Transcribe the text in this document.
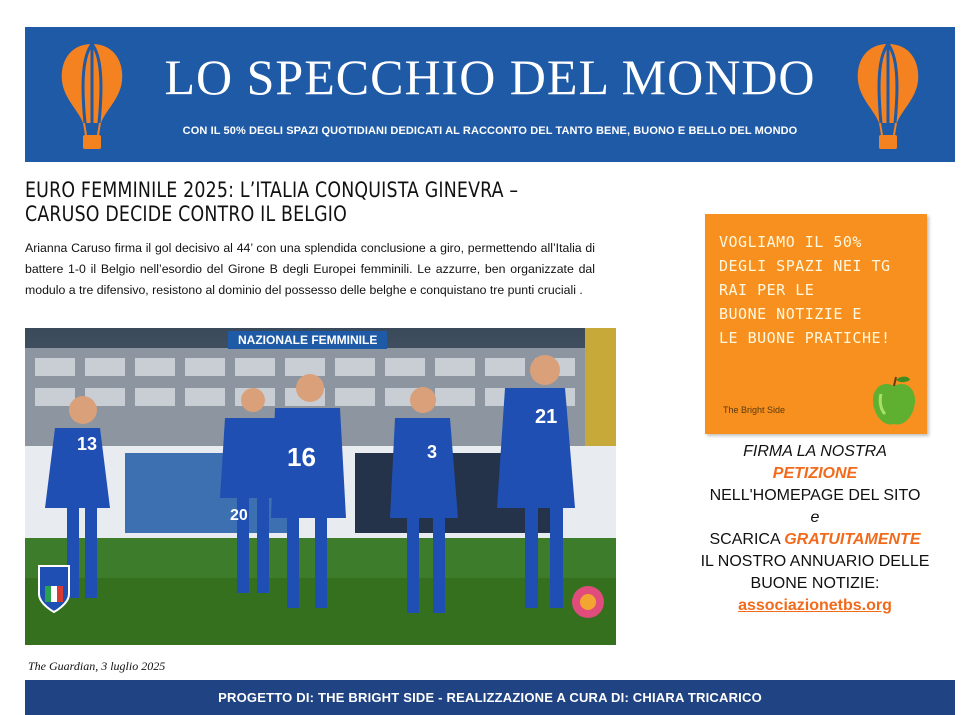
LO SPECCHIO DEL MONDO
CON IL 50% DEGLI SPAZI QUOTIDIANI DEDICATI AL RACCONTO DEL TANTO BENE, BUONO E BELLO DEL MONDO
EURO FEMMINILE 2025: L’ITALIA CONQUISTA GINEVRA – CARUSO DECIDE CONTRO IL BELGIO
Arianna Caruso firma il gol decisivo al 44’ con una splendida conclusione a giro, permettendo all’Italia di battere 1-0 il Belgio nell’esordio del Girone B degli Europei femminili. Le azzurre, ben organizzate dal modulo a tre difensivo, resistono al dominio del possesso delle belghe e conquistano tre punti cruciali .
13
20
16	3
21
NAZIONALE FEMMINILE
The Guardian, 3 luglio 2025
VOGLIAMO IL 50%
DEGLI SPAZI NEI TG
RAI PER LE
BUONE NOTIZIE E
LE BUONE PRATICHE!
The Bright Side
FIRMA LA NOSTRA
PETIZIONE
NELL'HOMEPAGE DEL SITO
e
SCARICA GRATUITAMENTE
IL NOSTRO ANNUARIO DELLE
BUONE NOTIZIE:
associazionetbs.org
PROGETTO DI: THE BRIGHT SIDE - REALIZZAZIONE A CURA DI: CHIARA TRICARICO
